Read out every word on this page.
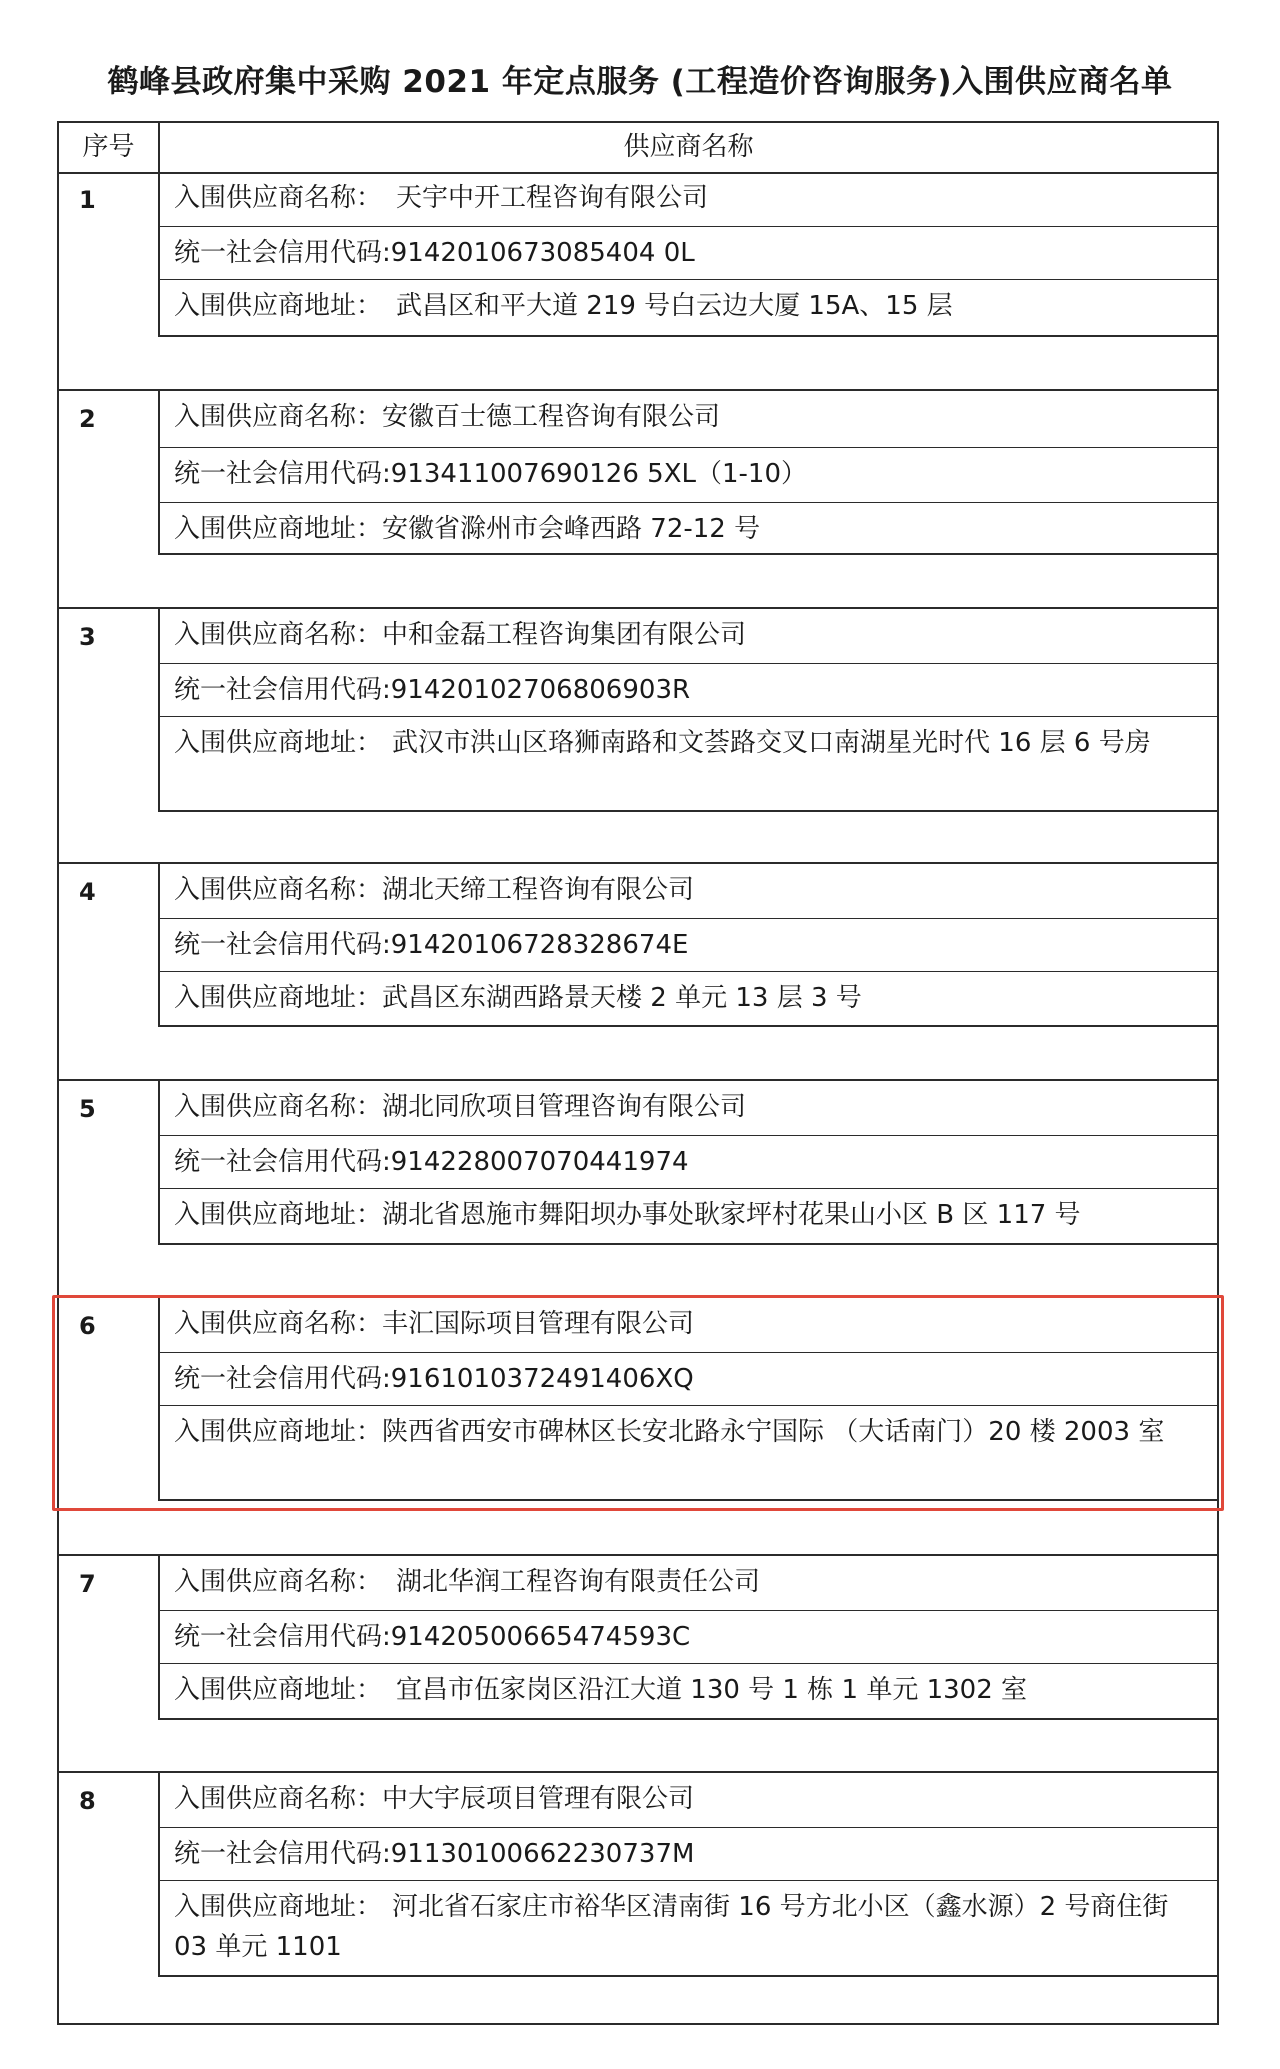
鹤峰县政府集中采购 2021 年定点服务 (工程造价咨询服务)入围供应商名单
序号	供应商名称
1	入围供应商名称： 天宇中开工程咨询有限公司
统一社会信用代码:9142010673085404 0L
入围供应商地址： 武昌区和平大道 219 号白云边大厦 15A、15 层
2	入围供应商名称：安徽百士德工程咨询有限公司
统一社会信用代码:913411007690126 5XL（1-10）
入围供应商地址：安徽省滁州市会峰西路 72-12 号
3	入围供应商名称：中和金磊工程咨询集团有限公司
统一社会信用代码:91420102706806903R
入围供应商地址： 武汉市洪山区珞狮南路和文荟路交叉口南湖星光时代 16 层 6 号房
4	入围供应商名称：湖北天缔工程咨询有限公司
统一社会信用代码:91420106728328674E
入围供应商地址：武昌区东湖西路景天楼 2 单元 13 层 3 号
5	入围供应商名称：湖北同欣项目管理咨询有限公司
统一社会信用代码:914228007070441974
入围供应商地址：湖北省恩施市舞阳坝办事处耿家坪村花果山小区 B 区 117 号
6	入围供应商名称：丰汇国际项目管理有限公司
统一社会信用代码:9161010372491406XQ
入围供应商地址：陕西省西安市碑林区长安北路永宁国际 （大话南门）20 楼 2003 室
7	入围供应商名称： 湖北华润工程咨询有限责任公司
统一社会信用代码:91420500665474593C
入围供应商地址： 宜昌市伍家岗区沿江大道 130 号 1 栋 1 单元 1302 室
8	入围供应商名称：中大宇辰项目管理有限公司
统一社会信用代码:91130100662230737M
入围供应商地址： 河北省石家庄市裕华区清南街 16 号方北小区（鑫水源）2 号商住街 03 单元 1101
